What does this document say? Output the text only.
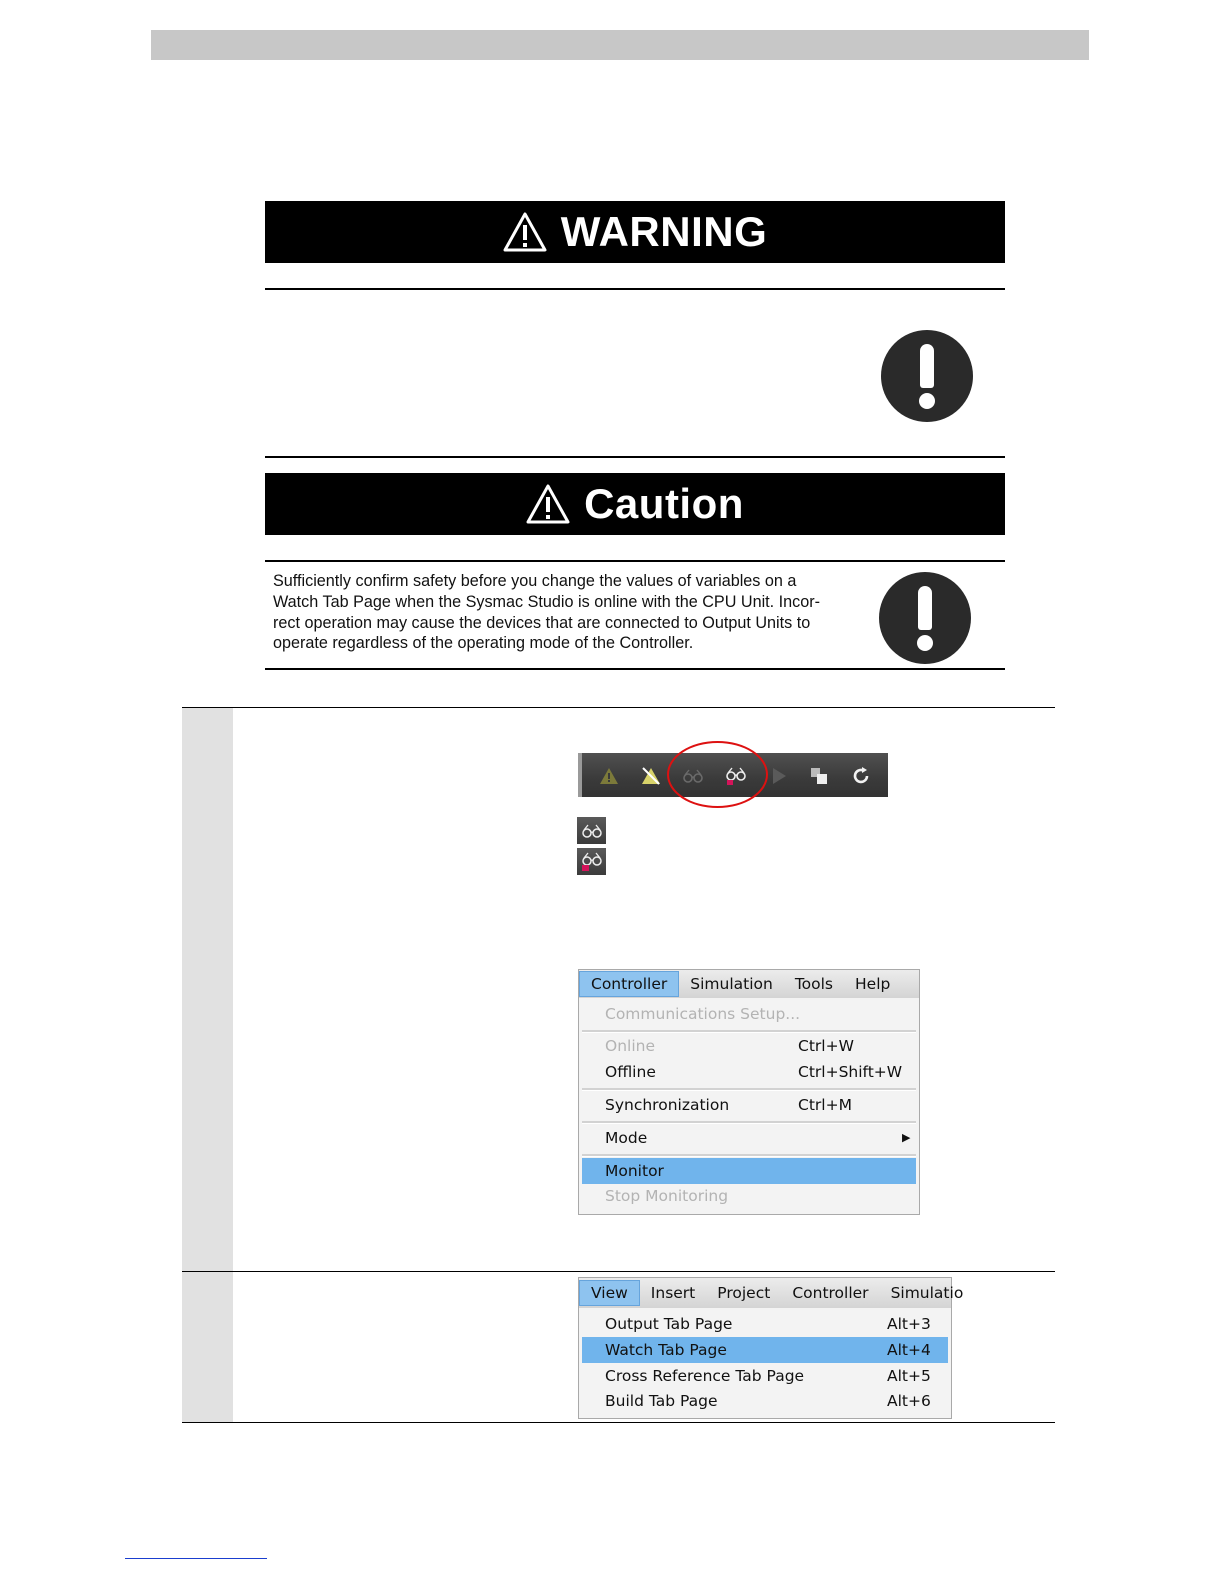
WARNING
Caution
Sufficiently confirm safety before you change the values of variables on a
Watch Tab Page when the Sysmac Studio is online with the CPU Unit. Incor-
rect operation may cause the devices that are connected to Output Units to
operate regardless of the operating mode of the Controller.
Controller	Simulation	Tools	Help
Communications Setup...
Online	Ctrl+W
Offline	Ctrl+Shift+W
Synchronization	Ctrl+M
Mode	▶
Monitor
Stop Monitoring
View	Insert	Project	Controller	Simulatio
Output Tab Page	Alt+3
Watch Tab Page	Alt+4
Cross Reference Tab Page	Alt+5
Build Tab Page	Alt+6
